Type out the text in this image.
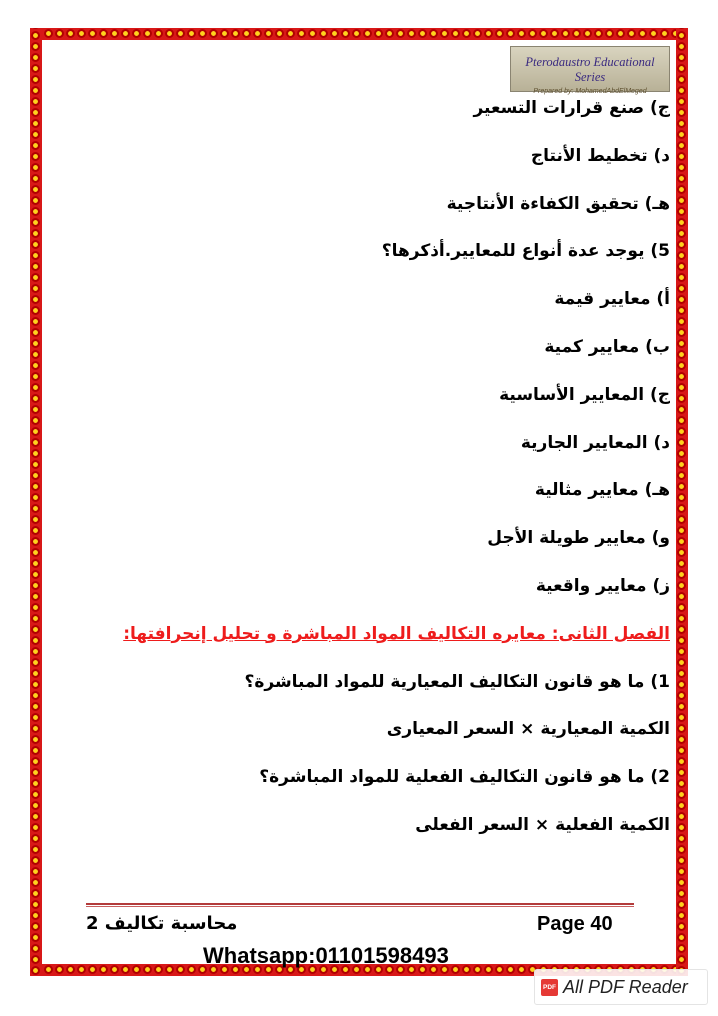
Pterodaustro Educational Series
Prepared by: MohamedAbdElMeged
ج) صنع قرارات التسعير
د) تخطيط الأنتاج
هـ) تحقيق الكفاءة الأنتاجية
5) يوجد عدة أنواع للمعايير.أذكرها؟
أ) معايير قيمة
ب) معايير كمية
ج) المعايير الأساسية
د) المعايير الجارية
هـ) معايير مثالية
و) معايير طويلة الأجل
ز) معايير واقعية
الفصل الثانى: معايره التكاليف المواد المباشرة و تحليل إنحرافتها:
1) ما هو قانون التكاليف المعيارية للمواد المباشرة؟
الكمية المعيارية × السعر المعيارى
2) ما هو قانون التكاليف الفعلية للمواد المباشرة؟
الكمية الفعلية × السعر الفعلى
محاسبة تكاليف 2	Page 40
Whatsapp:01101598493
PDF All PDF Reader
